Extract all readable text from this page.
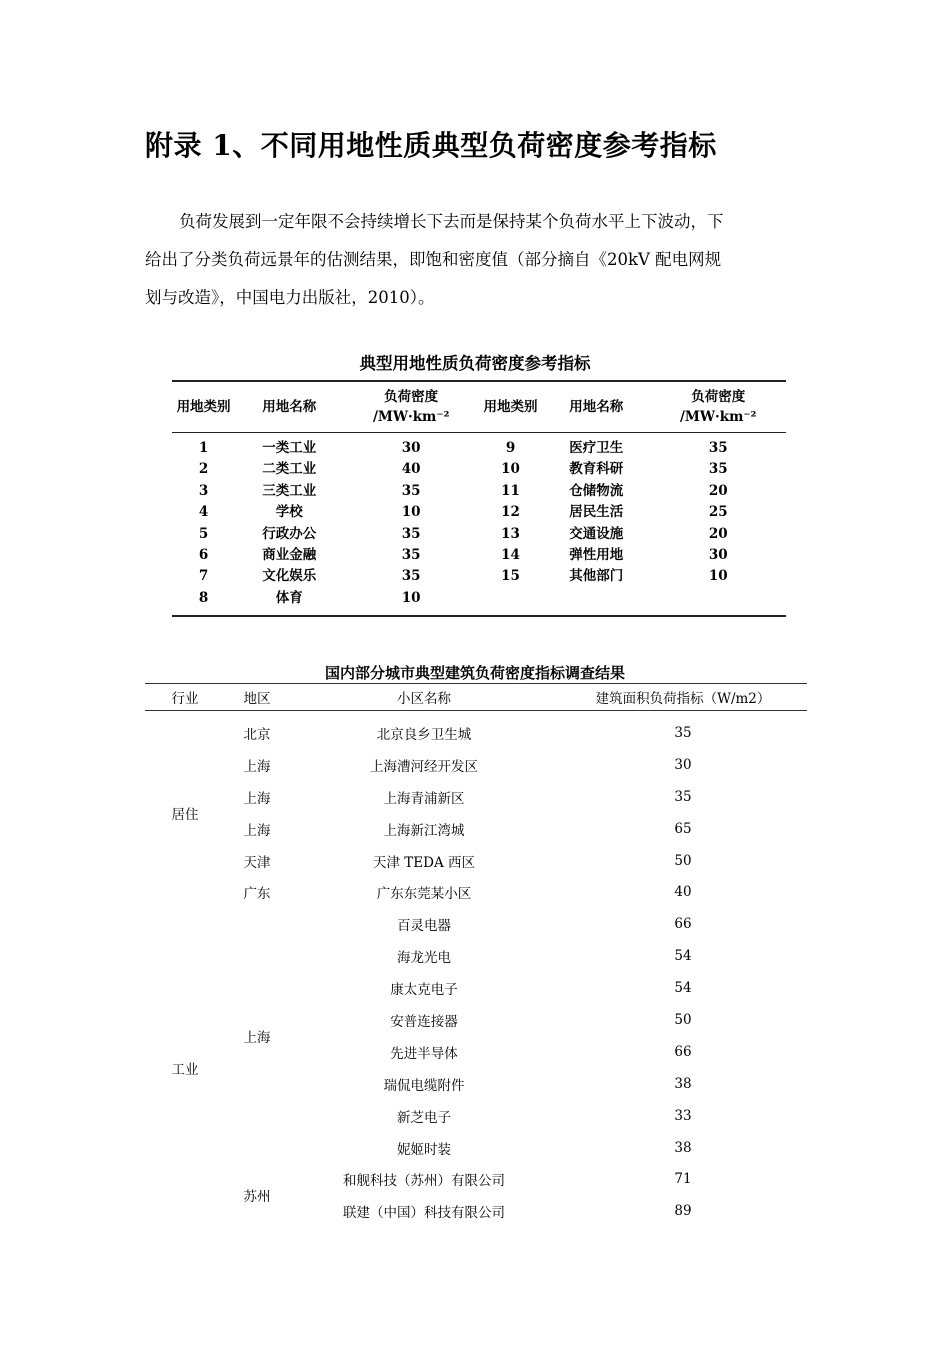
附录 1、不同用地性质典型负荷密度参考指标

负荷发展到一定年限不会持续增长下去而是保持某个负荷水平上下波动，下
给出了分类负荷远景年的估测结果，即饱和密度值（部分摘自《20kV 配电网规
划与改造》，中国电力出版社，2010）。

典型用地性质负荷密度参考指标
用地类别	用地名称	负荷密度 /MW·km⁻²	用地类别	用地名称	负荷密度 /MW·km⁻²
1	一类工业	30	9	医疗卫生	35
2	二类工业	40	10	教育科研	35
3	三类工业	35	11	仓储物流	20
4	学校	10	12	居民生活	25
5	行政办公	35	13	交通设施	20
6	商业金融	35	14	弹性用地	30
7	文化娱乐	35	15	其他部门	10
8	体育	10			
国内部分城市典型建筑负荷密度指标调查结果
行业	地区	小区名称	建筑面积负荷指标（W/m2）
居住	北京	北京良乡卫生城	35
	上海	上海漕河经开发区	30
	上海	上海青浦新区	35
	上海	上海新江湾城	65
	天津	天津 TEDA 西区	50
	广东	广东东莞某小区	40
工业	上海	百灵电器	66
		海龙光电	54
		康太克电子	54
		安普连接器	50
		先进半导体	66
		瑞侃电缆附件	38
		新芝电子	33
		妮姬时装	38
	苏州	和舰科技（苏州）有限公司	71
		联建（中国）科技有限公司	89
